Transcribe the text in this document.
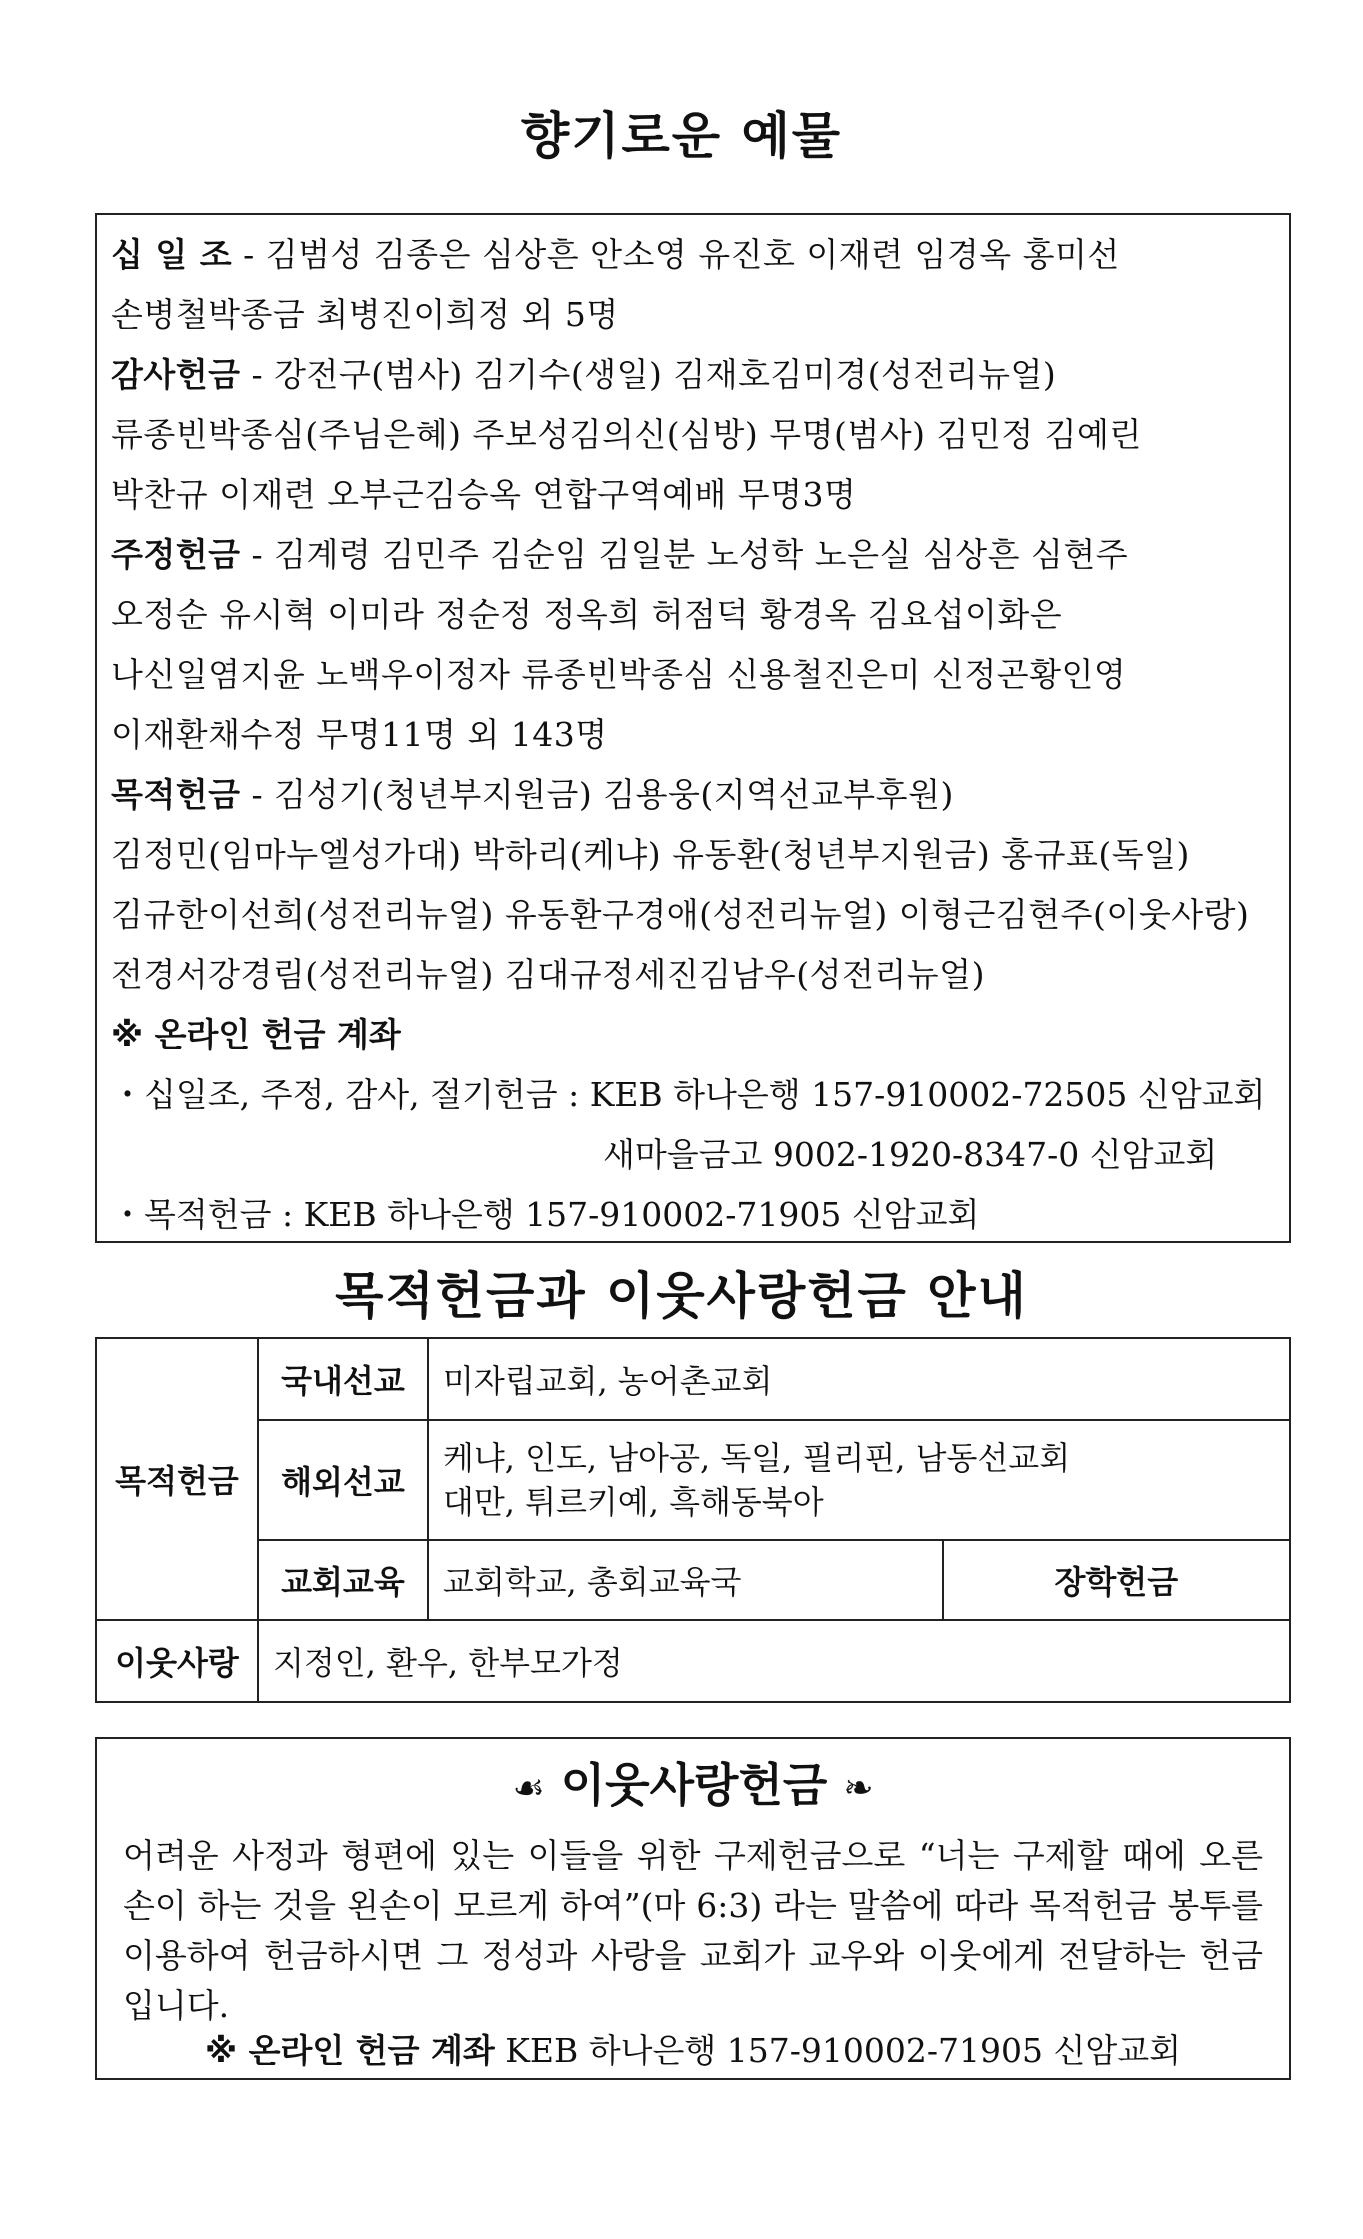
향기로운 예물
십 일 조 - 김범성 김종은 심상흔 안소영 유진호 이재련 임경옥 홍미선
손병철박종금 최병진이희정 외 5명
감사헌금 - 강전구(범사) 김기수(생일) 김재호김미경(성전리뉴얼)
류종빈박종심(주님은혜) 주보성김의신(심방) 무명(범사) 김민정 김예린
박찬규 이재련 오부근김승옥 연합구역예배 무명3명
주정헌금 - 김계령 김민주 김순임 김일분 노성학 노은실 심상흔 심현주
오정순 유시혁 이미라 정순정 정옥희 허점덕 황경옥 김요섭이화은
나신일염지윤 노백우이정자 류종빈박종심 신용철진은미 신정곤황인영
이재환채수정 무명11명 외 143명
목적헌금 - 김성기(청년부지원금) 김용웅(지역선교부후원)
김정민(임마누엘성가대) 박하리(케냐) 유동환(청년부지원금) 홍규표(독일)
김규한이선희(성전리뉴얼) 유동환구경애(성전리뉴얼) 이형근김현주(이웃사랑)
전경서강경림(성전리뉴얼) 김대규정세진김남우(성전리뉴얼)
※ 온라인 헌금 계좌
・십일조, 주정, 감사, 절기헌금 : KEB 하나은행 157-910002-72505 신암교회
새마을금고 9002-1920-8347-0 신암교회
・목적헌금 : KEB 하나은행 157-910002-71905 신암교회
목적헌금과 이웃사랑헌금 안내
목적헌금	국내선교	미자립교회, 농어촌교회	
	해외선교	케냐, 인도, 남아공, 독일, 필리핀, 남동선교회
대만, 튀르키예, 흑해동북아	

	교회교육	교회학교, 총회교육국	장학헌금
이웃사랑	지정인, 환우, 한부모가정		
☙ 이웃사랑헌금 ❧
어려운 사정과 형편에 있는 이들을 위한 구제헌금으로 “너는 구제할 때에 오른손이 하는 것을 왼손이 모르게 하여”(마 6:3) 라는 말씀에 따라 목적헌금 봉투를 이용하여 헌금하시면 그 정성과 사랑을 교회가 교우와 이웃에게 전달하는 헌금입니다.
※ 온라인 헌금 계좌 KEB 하나은행 157-910002-71905 신암교회
